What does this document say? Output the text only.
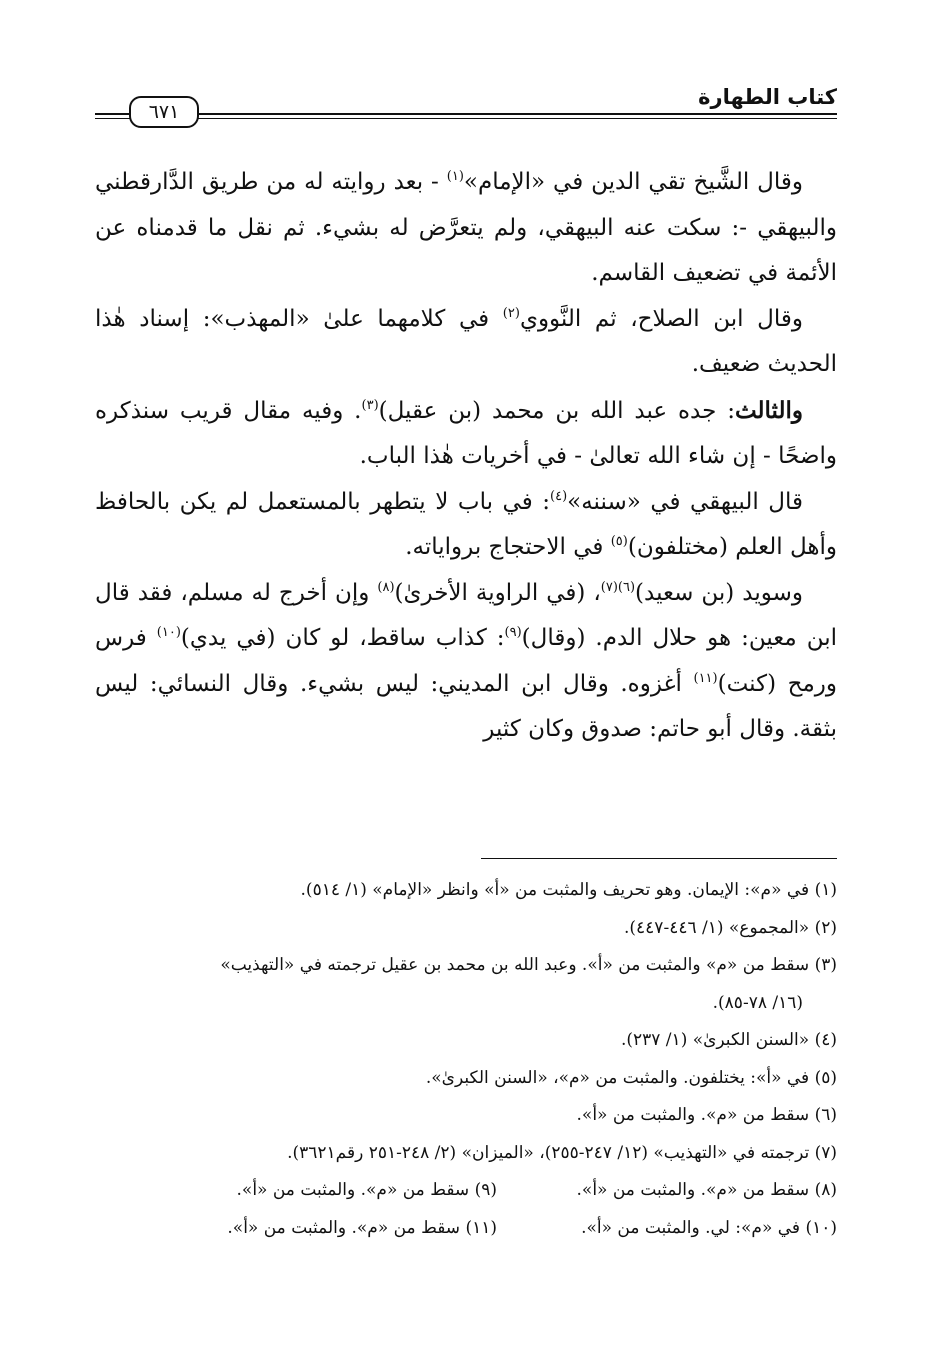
كتاب الطهارة
٦٧١

وقال الشَّيخ تقي الدين في «الإمام»$^{(١)}$ - بعد روايته له من طريق الدَّارقطني والبيهقي -: سكت عنه البيهقي، ولم يتعرَّض له بشيء. ثم نقل ما قدمناه عن الأئمة في تضعيف القاسم.

وقال ابن الصلاح، ثم النَّووي$^{(٢)}$ في كلامهما علىٰ «المهذب»: إسناد هٰذا الحديث ضعيف.

والثالث: جده عبد الله بن محمد (بن عقيل)$^{(٣)}$. وفيه مقال قريب سنذكره واضحًا - إن شاء الله تعالىٰ - في أخريات هٰذا الباب.

قال البيهقي في «سننه»$^{(٤)}$: في باب لا يتطهر بالمستعمل لم يكن بالحافظ وأهل العلم (مختلفون)$^{(٥)}$ في الاحتجاج برواياته.

وسويد (بن سعيد)$^{(٦)(٧)}$، (في الراوية الأخرىٰ)$^{(٨)}$ وإن أخرج له مسلم، فقد قال ابن معين: هو حلال الدم. (وقال)$^{(٩)}$: كذاب ساقط، لو كان (في يدي)$^{(١٠)}$ فرس ورمح (كنت)$^{(١١)}$ أغزوه. وقال ابن المديني: ليس بشيء. وقال النسائي: ليس بثقة. وقال أبو حاتم: صدوق وكان كثير

(١) في «م»: الإيمان. وهو تحريف والمثبت من «أ» وانظر «الإمام» (١/ ٥١٤).

(٢) «المجموع» (١/ ٤٤٦-٤٤٧).

(٣) سقط من «م» والمثبت من «أ». وعبد الله بن محمد بن عقيل ترجمته في «التهذيب»
(١٦/ ٧٨-٨٥).

(٤) «السنن الكبرىٰ» (١/ ٢٣٧).

(٥) في «أ»: يختلفون. والمثبت من «م»، «السنن الكبرىٰ».

(٦) سقط من «م». والمثبت من «أ».

(٧) ترجمته في «التهذيب» (١٢/ ٢٤٧-٢٥٥)، «الميزان» (٢/ ٢٤٨-٢٥١ رقم٣٦٢١).

(٨) سقط من «م». والمثبت من «أ».
(٩) سقط من «م». والمثبت من «أ».
(١٠) في «م»: لي. والمثبت من «أ».
(١١) سقط من «م». والمثبت من «أ».
